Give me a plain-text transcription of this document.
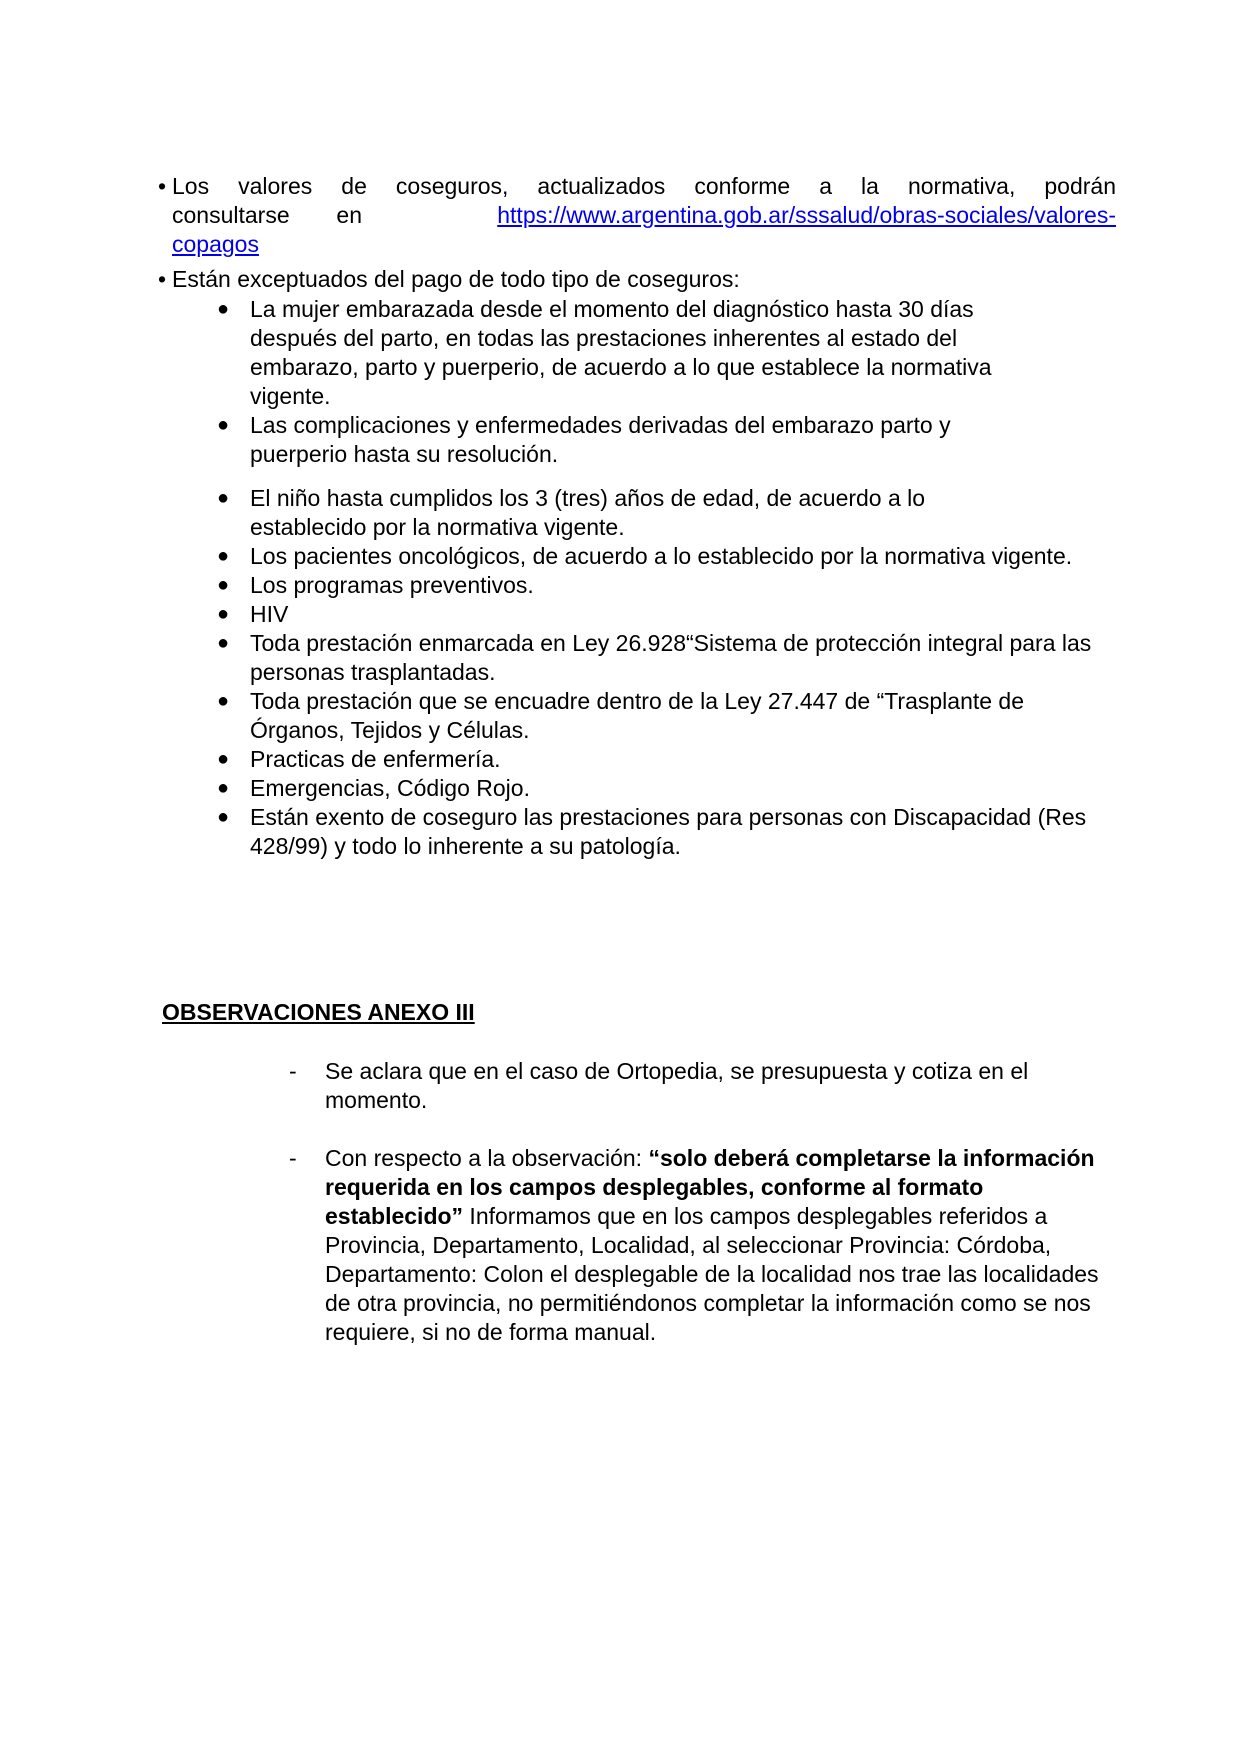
• Los valores de coseguros, actualizados conforme a la normativa, podrán
consultarse en	https://www.argentina.gob.ar/sssalud/obras-sociales/valores-
copagos
• Están exceptuados del pago de todo tipo de coseguros:
● La mujer embarazada desde el momento del diagnóstico hasta 30 días después del parto, en todas las prestaciones inherentes al estado del embarazo, parto y puerperio, de acuerdo a lo que establece la normativa vigente.
● Las complicaciones y enfermedades derivadas del embarazo parto y puerperio hasta su resolución.
● El niño hasta cumplidos los 3 (tres) años de edad, de acuerdo a lo establecido por la normativa vigente.
● Los pacientes oncológicos, de acuerdo a lo establecido por la normativa vigente.
● Los programas preventivos.
● HIV
● Toda prestación enmarcada en Ley 26.928“Sistema de protección integral para las personas trasplantadas.
● Toda prestación que se encuadre dentro de la Ley 27.447 de “Trasplante de Órganos, Tejidos y Células.
● Practicas de enfermería.
● Emergencias, Código Rojo.
● Están exento de coseguro las prestaciones para personas con Discapacidad (Res 428/99) y todo lo inherente a su patología.
OBSERVACIONES ANEXO III
- Se aclara que en el caso de Ortopedia, se presupuesta y cotiza en el momento.
- Con respecto a la observación: “solo deberá completarse la información requerida en los campos desplegables, conforme al formato establecido” Informamos que en los campos desplegables referidos a Provincia, Departamento, Localidad, al seleccionar Provincia: Córdoba, Departamento: Colon el desplegable de la localidad nos trae las localidades de otra provincia, no permitiéndonos completar la información como se nos requiere, si no de forma manual.
